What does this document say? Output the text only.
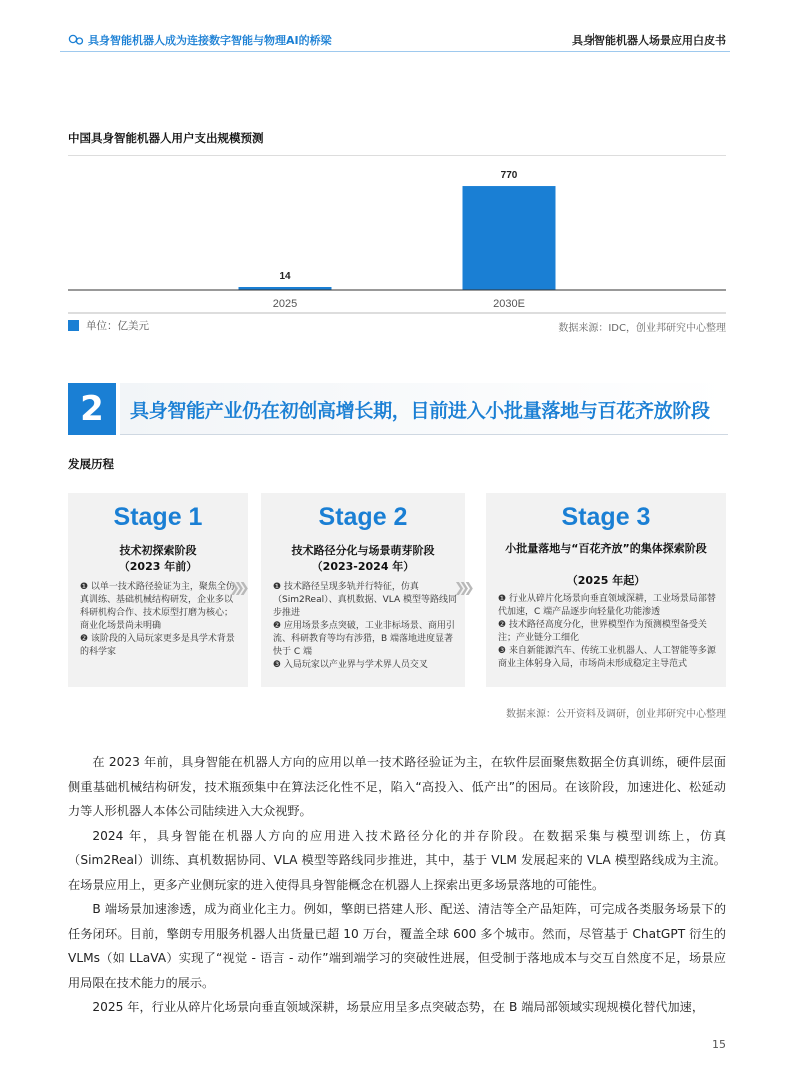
具身智能机器人成为连接数字智能与物理AI的桥梁	具身智能机器人场景应用白皮书
中国具身智能机器人用户支出规模预测
14
2025
770
2030E
单位：亿美元	数据来源：IDC，创业邦研究中心整理
2	具身智能产业仍在初创高增长期，目前进入小批量落地与百花齐放阶段
发展历程
Stage 1
技术初探索阶段
（2023 年前）

❶ 以单一技术路径验证为主，聚焦全仿真训练、基础机械结构研发，企业多以科研机构合作、技术原型打磨为核心；商业化场景尚未明确

❷ 该阶段的入局玩家更多是具学术背景的科学家

❯❯❯
Stage 2
技术路径分化与场景萌芽阶段
（2023-2024 年）

❶ 技术路径呈现多轨并行特征，仿真（Sim2Real）、真机数据、VLA 模型等路线同步推进

❷ 应用场景多点突破，工业非标场景、商用引流、科研教育等均有涉猎，B 端落地进度显著快于 C 端

❸ 入局玩家以产业界与学术界人员交叉

❯❯❯
Stage 3
小批量落地与“百花齐放”的集体探索阶段
（2025 年起）

❶ 行业从碎片化场景向垂直领域深耕，工业场景局部替代加速，C 端产品逐步向轻量化功能渗透

❷ 技术路径高度分化，世界模型作为预测模型备受关注；产业链分工细化

❸ 来自新能源汽车、传统工业机器人、人工智能等多源商业主体躬身入局，市场尚未形成稳定主导范式

数据来源：公开资料及调研，创业邦研究中心整理

在 2023 年前，具身智能在机器人方向的应用以单一技术路径验证为主，在软件层面聚焦数据全仿真训练，硬件层面侧重基础机械结构研发，技术瓶颈集中在算法泛化性不足，陷入“高投入、低产出”的困局。在该阶段，加速进化、松延动力等人形机器人本体公司陆续进入大众视野。

2024 年，具身智能在机器人方向的应用进入技术路径分化的并存阶段。在数据采集与模型训练上，仿真（Sim2Real）训练、真机数据协同、VLA 模型等路线同步推进，其中，基于 VLM 发展起来的 VLA 模型路线成为主流。在场景应用上，更多产业侧玩家的进入使得具身智能概念在机器人上探索出更多场景落地的可能性。

B 端场景加速渗透，成为商业化主力。例如，擎朗已搭建人形、配送、清洁等全产品矩阵，可完成各类服务场景下的任务闭环。目前，擎朗专用服务机器人出货量已超 10 万台，覆盖全球 600 多个城市。然而，尽管基于 ChatGPT 衍生的 VLMs（如 LLaVA）实现了“视觉 - 语言 - 动作”端到端学习的突破性进展，但受制于落地成本与交互自然度不足，场景应用局限在技术能力的展示。

2025 年，行业从碎片化场景向垂直领域深耕，场景应用呈多点突破态势，在 B 端局部领域实现规模化替代加速，

15
